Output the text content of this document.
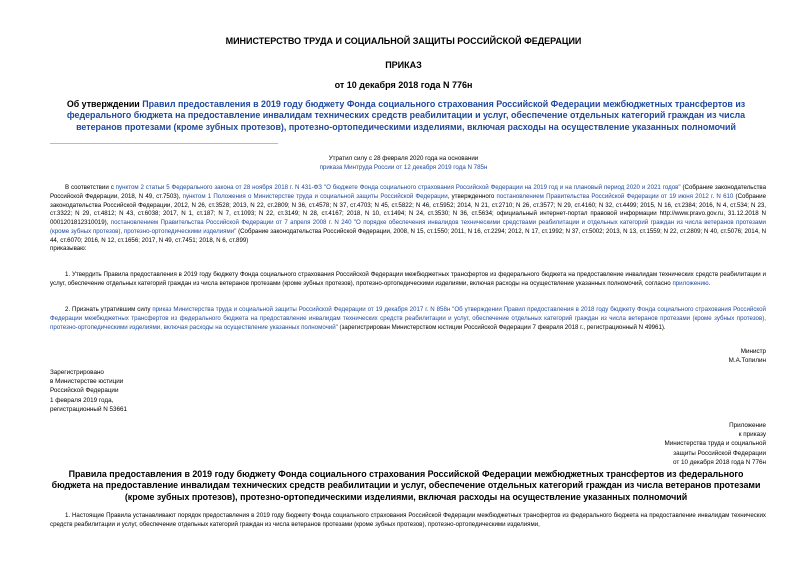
МИНИСТЕРСТВО ТРУДА И СОЦИАЛЬНОЙ ЗАЩИТЫ РОССИЙСКОЙ ФЕДЕРАЦИИ
ПРИКАЗ
от 10 декабря 2018 года N 776н
Об утверждении Правил предоставления в 2019 году бюджету Фонда социального страхования Российской Федерации межбюджетных трансфертов из федерального бюджета на предоставление инвалидам технических средств реабилитации и услуг, обеспечение отдельных категорий граждан из числа ветеранов протезами (кроме зубных протезов), протезно-ортопедическими изделиями, включая расходы на осуществление указанных полномочий
Утратил силу с 28 февраля 2020 года на основании
приказа Минтруда России от 12 декабря 2019 года N 785н
В соответствии с пунктом 2 статьи 5 Федерального закона от 28 ноября 2018 г. N 431-ФЗ "О бюджете Фонда социального страхования Российской Федерации на 2019 год и на плановый период 2020 и 2021 годов" (Собрание законодательства Российской Федерации, 2018, N 49, ст.7503), пунктом 1 Положения о Министерстве труда и социальной защиты Российской Федерации, утвержденного постановлением Правительства Российской Федерации от 19 июня 2012 г. N 610 (Собрание законодательства Российской Федерации, 2012, N 26, ст.3528; 2013, N 22, ст.2809; N 36, ст.4578; N 37, ст.4703; N 45, ст.5822; N 46, ст.5952; 2014, N 21, ст.2710; N 26, ст.3577; N 29, ст.4160; N 32, ст.4499; 2015, N 16, ст.2384; 2016, N 4, ст.534; N 23, ст.3322; N 29, ст.4812; N 43, ст.6038; 2017, N 1, ст.187; N 7, ст.1093; N 22, ст.3149; N 28, ст.4167; 2018, N 10, ст.1494; N 24, ст.3530; N 36, ст.5634; официальный интернет-портал правовой информации http://www.pravo.gov.ru, 31.12.2018 N 0001201812310019), постановлением Правительства Российской Федерации от 7 апреля 2008 г. N 240 "О порядке обеспечения инвалидов техническими средствами реабилитации и отдельных категорий граждан из числа ветеранов протезами (кроме зубных протезов), протезно-ортопедическими изделиями" (Собрание законодательства Российской Федерации, 2008, N 15, ст.1550; 2011, N 16, ст.2294; 2012, N 17, ст.1992; N 37, ст.5002; 2013, N 13, ст.1559; N 22, ст.2809; N 40, ст.5076; 2014, N 44, ст.6070; 2016, N 12, ст.1656; 2017, N 49, ст.7451; 2018, N 6, ст.899)
приказываю:
1. Утвердить Правила предоставления в 2019 году бюджету Фонда социального страхования Российской Федерации межбюджетных трансфертов из федерального бюджета на предоставление инвалидам технических средств реабилитации и услуг, обеспечение отдельных категорий граждан из числа ветеранов протезами (кроме зубных протезов), протезно-ортопедическими изделиями, включая расходы на осуществление указанных полномочий, согласно приложению.
2. Признать утратившим силу приказ Министерства труда и социальной защиты Российской Федерации от 19 декабря 2017 г. N 858н "Об утверждении Правил предоставления в 2018 году бюджету Фонда социального страхования Российской Федерации межбюджетных трансфертов из федерального бюджета на предоставление инвалидам технических средств реабилитации и услуг, обеспечение отдельных категорий граждан из числа ветеранов протезами (кроме зубных протезов), протезно-ортопедическими изделиями, включая расходы на осуществление указанных полномочий" (зарегистрирован Министерством юстиции Российской Федерации 7 февраля 2018 г., регистрационный N 49961).
Министр
М.А.Топилин
Зарегистрировано
в Министерстве юстиции
Российской Федерации
1 февраля 2019 года,
регистрационный N 53661
Приложение
к приказу
Министерства труда и социальной
защиты Российской Федерации
от 10 декабря 2018 года N 776н
Правила предоставления в 2019 году бюджету Фонда социального страхования Российской Федерации межбюджетных трансфертов из федерального бюджета на предоставление инвалидам технических средств реабилитации и услуг, обеспечение отдельных категорий граждан из числа ветеранов протезами (кроме зубных протезов), протезно-ортопедическими изделиями, включая расходы на осуществление указанных полномочий
1. Настоящие Правила устанавливают порядок предоставления в 2019 году бюджету Фонда социального страхования Российской Федерации межбюджетных трансфертов из федерального бюджета на предоставление инвалидам технических средств реабилитации и услуг, обеспечение отдельных категорий граждан из числа ветеранов протезами (кроме зубных протезов), протезно-ортопедическими изделиями,
